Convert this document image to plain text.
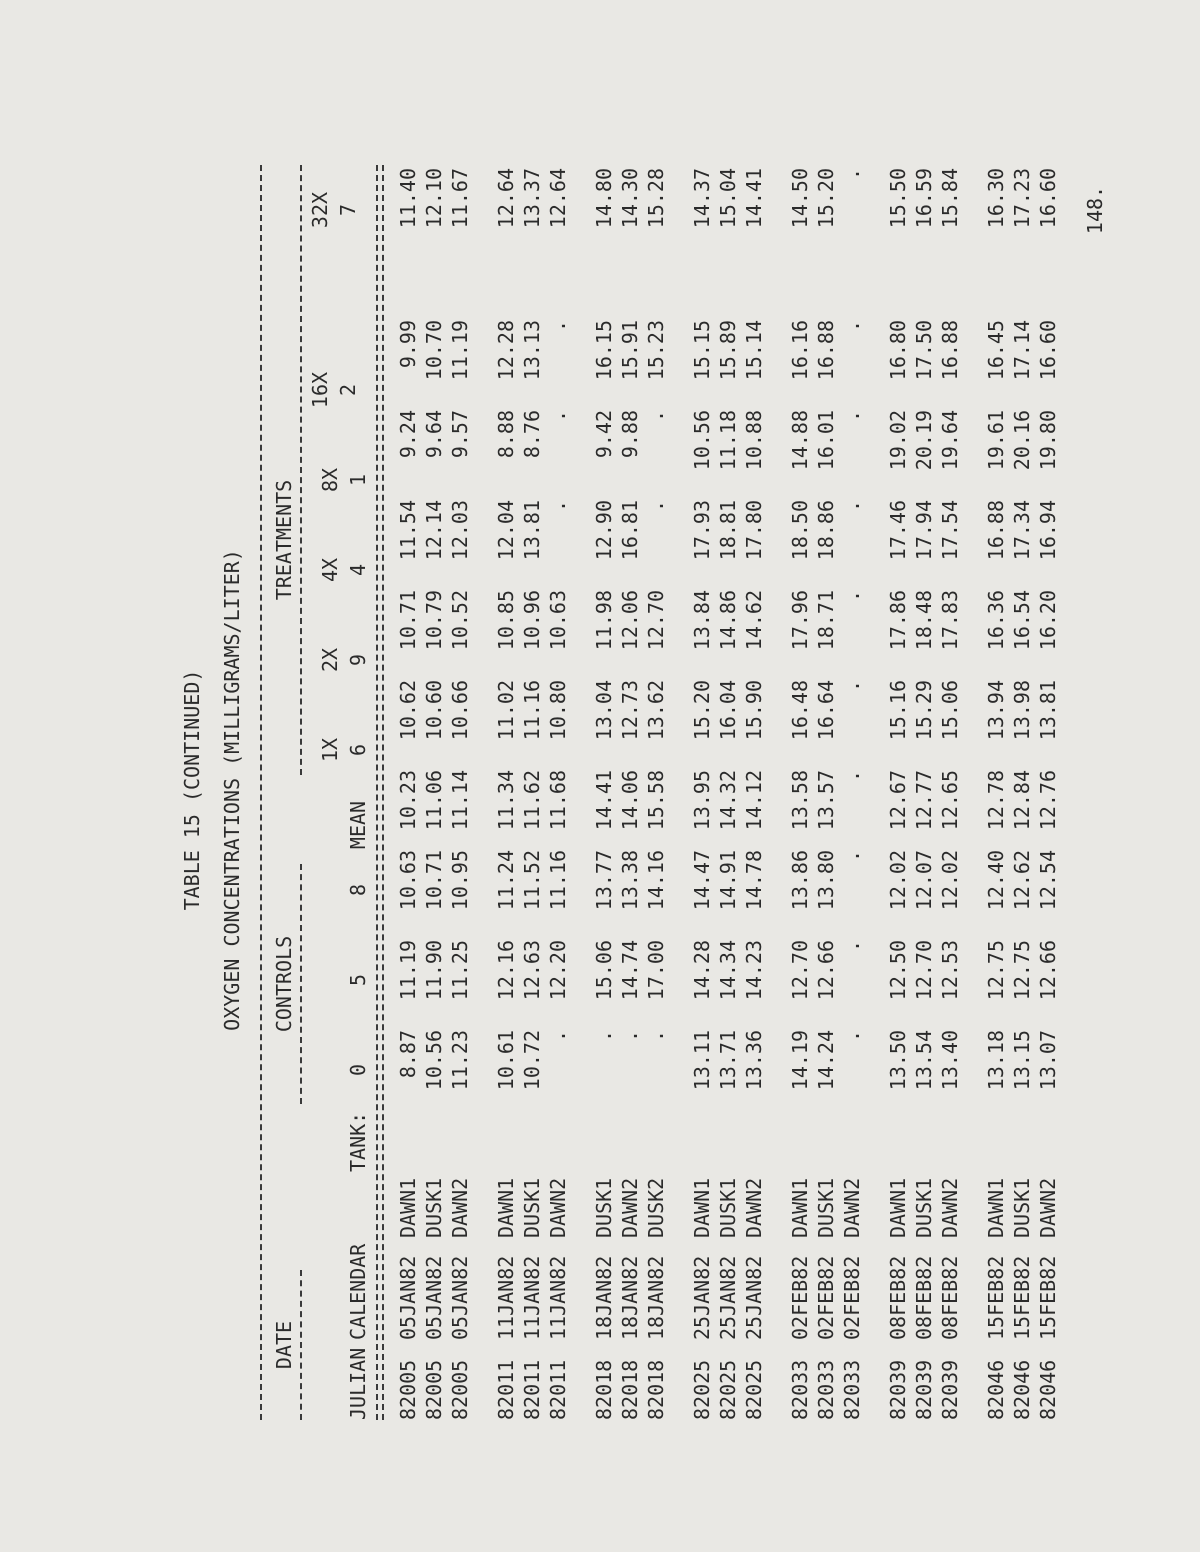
148.
TABLE 15 (CONTINUED) OXYGEN CONCENTRATIONS (MILLIGRAMS/LITER)
DATE
CONTROLS
TREATMENTS
16X
32X
1X
2X
4X
8X
JULIAN
CALENDAR
TANK:
0
5
8
MEAN
6
9
4
1
2
7
82005
05JAN82
DAWN1
8.87
11.19
10.63
10.23
10.62
10.71
11.54
9.24
9.99
11.40
82005
05JAN82
DUSK1
10.56
11.90
10.71
11.06
10.60
10.79
12.14
9.64
10.70
12.10
82005
05JAN82
DAWN2
11.23
11.25
10.95
11.14
10.66
10.52
12.03
9.57
11.19
11.67
82011
11JAN82
DAWN1
10.61
12.16
11.24
11.34
11.02
10.85
12.04
8.88
12.28
12.64
82011
11JAN82
DUSK1
10.72
12.63
11.52
11.62
11.16
10.96
13.81
8.76
13.13
13.37
82011
11JAN82
DAWN2
.
12.20
11.16
11.68
10.80
10.63
.
.
.
12.64
82018
18JAN82
DUSK1
.
15.06
13.77
14.41
13.04
11.98
12.90
9.42
16.15
14.80
82018
18JAN82
DAWN2
.
14.74
13.38
14.06
12.73
12.06
16.81
9.88
15.91
14.30
82018
18JAN82
DUSK2
.
17.00
14.16
15.58
13.62
12.70
.
.
15.23
15.28
82025
25JAN82
DAWN1
13.11
14.28
14.47
13.95
15.20
13.84
17.93
10.56
15.15
14.37
82025
25JAN82
DUSK1
13.71
14.34
14.91
14.32
16.04
14.86
18.81
11.18
15.89
15.04
82025
25JAN82
DAWN2
13.36
14.23
14.78
14.12
15.90
14.62
17.80
10.88
15.14
14.41
82033
02FEB82
DAWN1
14.19
12.70
13.86
13.58
16.48
17.96
18.50
14.88
16.16
14.50
82033
02FEB82
DUSK1
14.24
12.66
13.80
13.57
16.64
18.71
18.86
16.01
16.88
15.20
82033
02FEB82
DAWN2
.
.
.
.
.
.
.
.
.
.
82039
08FEB82
DAWN1
13.50
12.50
12.02
12.67
15.16
17.86
17.46
19.02
16.80
15.50
82039
08FEB82
DUSK1
13.54
12.70
12.07
12.77
15.29
18.48
17.94
20.19
17.50
16.59
82039
08FEB82
DAWN2
13.40
12.53
12.02
12.65
15.06
17.83
17.54
19.64
16.88
15.84
82046
15FEB82
DAWN1
13.18
12.75
12.40
12.78
13.94
16.36
16.88
19.61
16.45
16.30
82046
15FEB82
DUSK1
13.15
12.75
12.62
12.84
13.98
16.54
17.34
20.16
17.14
17.23
82046
15FEB82
DAWN2
13.07
12.66
12.54
12.76
13.81
16.20
16.94
19.80
16.60
16.60
